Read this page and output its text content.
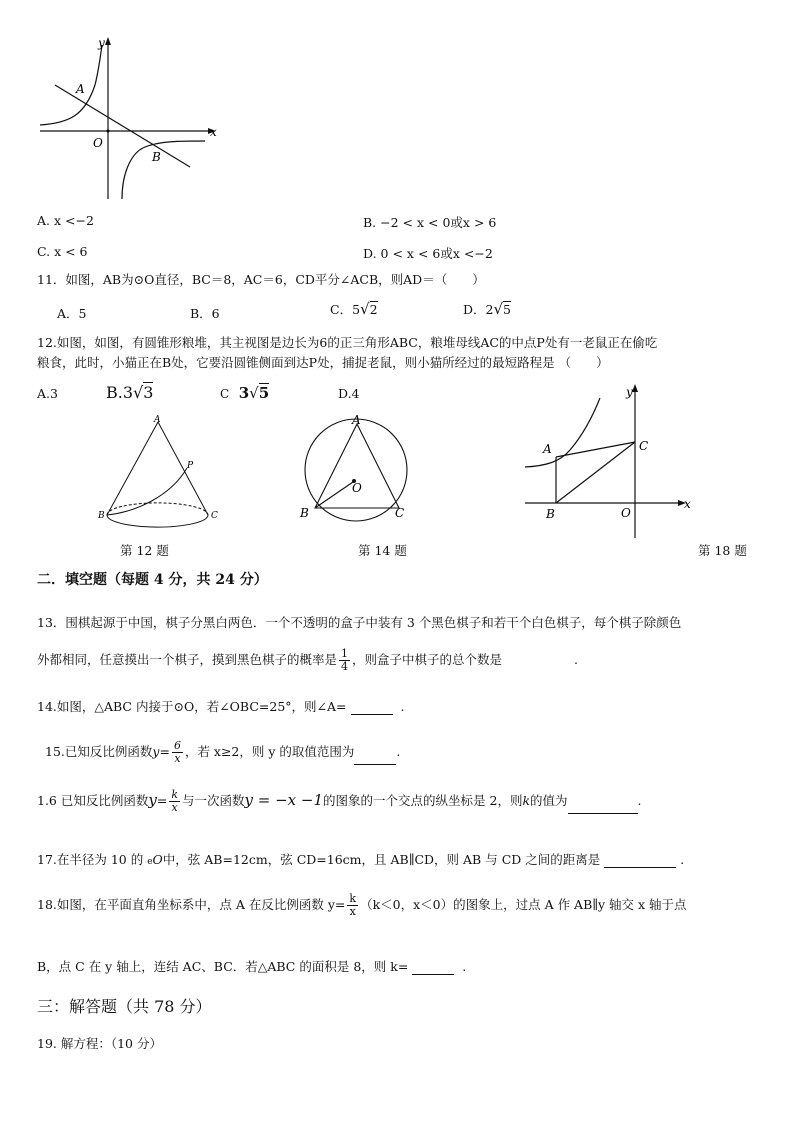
y
x
A
O
B
A. x <−2	B. −2 < x < 0或x > 6
C. x < 6	D. 0 < x < 6或x <−2
11．如图，AB为⊙O直径，BC＝8，AC＝6，CD平分∠ACB，则AD＝（　　）
A．5	B．6	C．5√2	D．2√5
12.如图，如图，有圆锥形粮堆，其主视图是边长为6的正三角形ABC，粮堆母线AC的中点P处有一老鼠正在偷吃
粮食，此时，小猫正在B处，它要沿圆锥侧面到达P处，捕捉老鼠，则小猫所经过的最短路程是 （　　）
A.3	B.3√3	C 3√5	D.4
A
P
B	C
第 12 题
A
O
B	C
第 14 题
y
x
A	C
B	O
第 18 题
二．填空题（每题 4 分，共 24 分）
13．围棋起源于中国，棋子分黑白两色．一个不透明的盒子中装有 3 个黑色棋子和若干个白色棋子，每个棋子除颜色
外都相同，任意摸出一个棋子，摸到黑色棋子的概率是 $\frac{1}{4}$ ，则盒子中棋子的总个数是	.
14.如图，△ABC 内接于⊙O，若∠OBC=25°，则∠A=	.
15.已知反比例函数$y= \frac{6}{x}$ ，若 x≥2，则 y 的取值范围为	.
1.6 已知反比例函数$y= \frac{k}{x}$ 与一次函数y = −x −1的图象的一个交点的纵坐标是 2，则k的值为	.
17.在半径为 10 的 eO中，弦 AB=12cm，弦 CD=16cm，且 AB∥CD，则 AB 与 CD 之间的距离是	.
18.如图，在平面直角坐标系中，点 A 在反比例函数 $y= \frac{k}{x} (k<0$，x＜0）的图象上，过点 A 作 AB∥y 轴交 x 轴于点
B，点 C 在 y 轴上，连结 AC、BC．若△ABC 的面积是 8，则 k=	.
三：解答题（共 78 分）
19. 解方程：（10 分）
